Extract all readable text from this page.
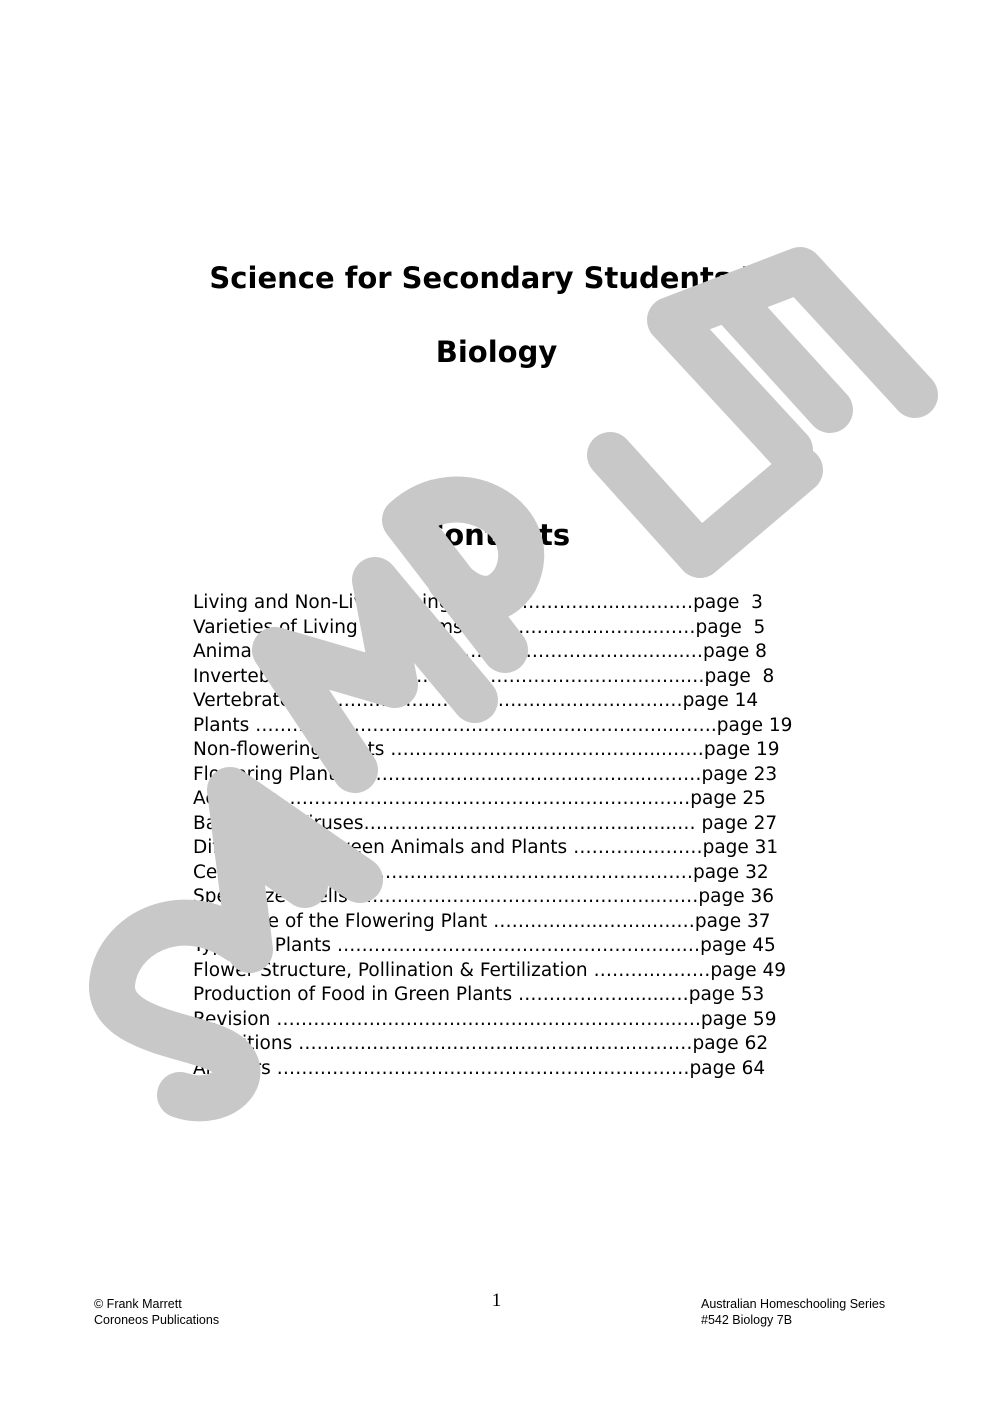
Science for Secondary Students 7B
Biology
Contents
Living and Non-Living Things……………………..…..….…page  3
Varieties of Living Organisms…………………..……...……page  5
Animals……………………………………………………..…...…page 8
Invertebrates ……………………………………..…….……..…page  8
Vertebrates ………………………………………….…………page 14
Plants …………………………………………………………..…….page 19
Non-flowering Plants ……………………………………...……page 19
Flowering Plants ………………………………………...………page 23
Activities …………………………………………………………page 25
Bacteria & Viruses…………………………………………...… page 27
Differences Between Animals and Plants …………………page 31
Cells ……………………………………………………….………page 32
Specialized Cells …………………………………………..……page 36
Structure of the Flowering Plant ……………...……..….…page 37
Types of Plants ………………………………………………..…page 45
Flower Structure, Pollination & Fertilization ……….………page 49
Production of Food in Green Plants ……………….......…page 53
Revision ………………………………………………………..….page 59
Definitions ……………………………………………….………page 62
Answers …………………………………………….……………page 64
© Frank Marrett
Coroneos Publications
1	Australian Homeschooling Series
#542 Biology 7B
